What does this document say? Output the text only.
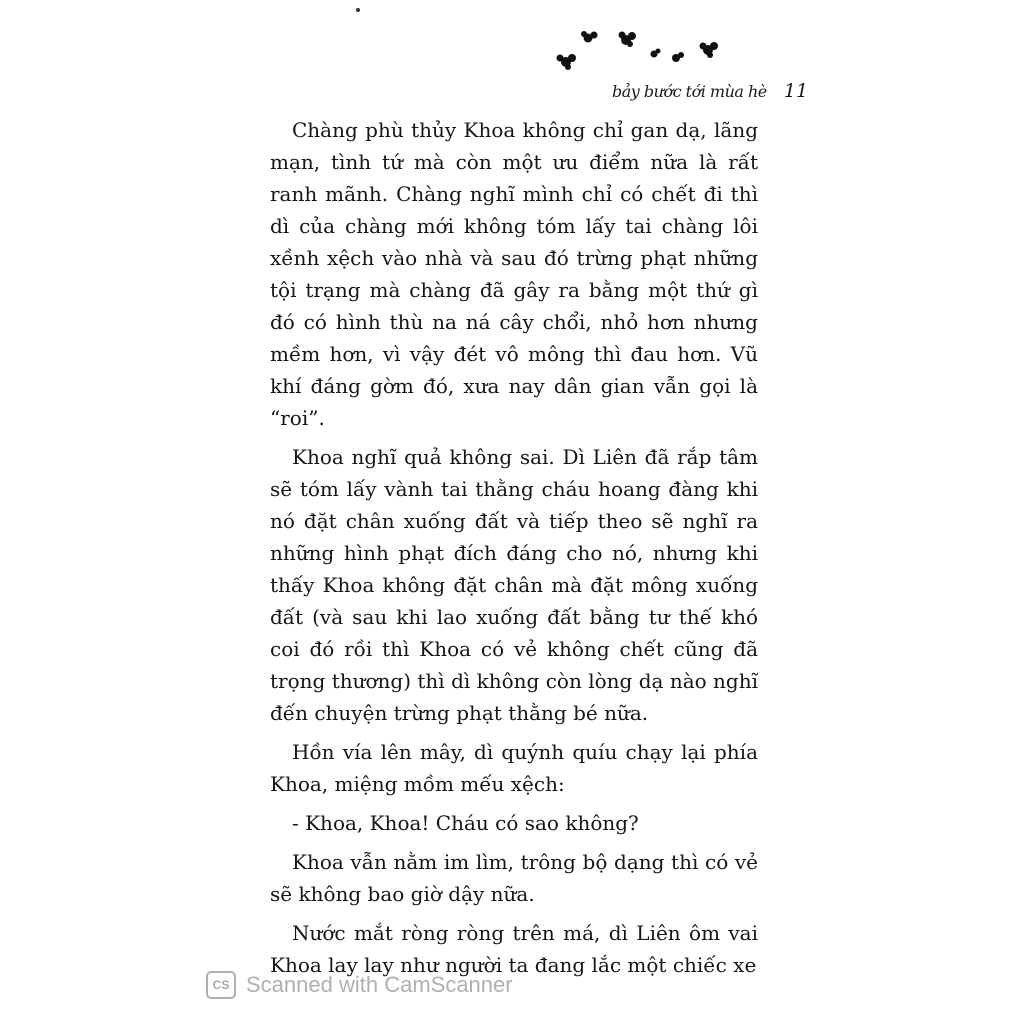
bảy bước tới mùa hè 11

Chàng phù thủy Khoa không chỉ gan dạ, lãng mạn, tình tứ mà còn một ưu điểm nữa là rất ranh mãnh. Chàng nghĩ mình chỉ có chết đi thì dì của chàng mới không tóm lấy tai chàng lôi xềnh xệch vào nhà và sau đó trừng phạt những tội trạng mà chàng đã gây ra bằng một thứ gì đó có hình thù na ná cây chổi, nhỏ hơn nhưng mềm hơn, vì vậy đét vô mông thì đau hơn. Vũ khí đáng gờm đó, xưa nay dân gian vẫn gọi là “roi”.

Khoa nghĩ quả không sai. Dì Liên đã rắp tâm sẽ tóm lấy vành tai thằng cháu hoang đàng khi nó đặt chân xuống đất và tiếp theo sẽ nghĩ ra những hình phạt đích đáng cho nó, nhưng khi thấy Khoa không đặt chân mà đặt mông xuống đất (và sau khi lao xuống đất bằng tư thế khó coi đó rồi thì Khoa có vẻ không chết cũng đã trọng thương) thì dì không còn lòng dạ nào nghĩ đến chuyện trừng phạt thằng bé nữa.

Hồn vía lên mây, dì quýnh quíu chạy lại phía Khoa, miệng mồm mếu xệch:

- Khoa, Khoa! Cháu có sao không?

Khoa vẫn nằm im lìm, trông bộ dạng thì có vẻ sẽ không bao giờ dậy nữa.

Nước mắt ròng ròng trên má, dì Liên ôm vai Khoa lay lay như người ta đang lắc một chiếc xe

CS Scanned with CamScanner
